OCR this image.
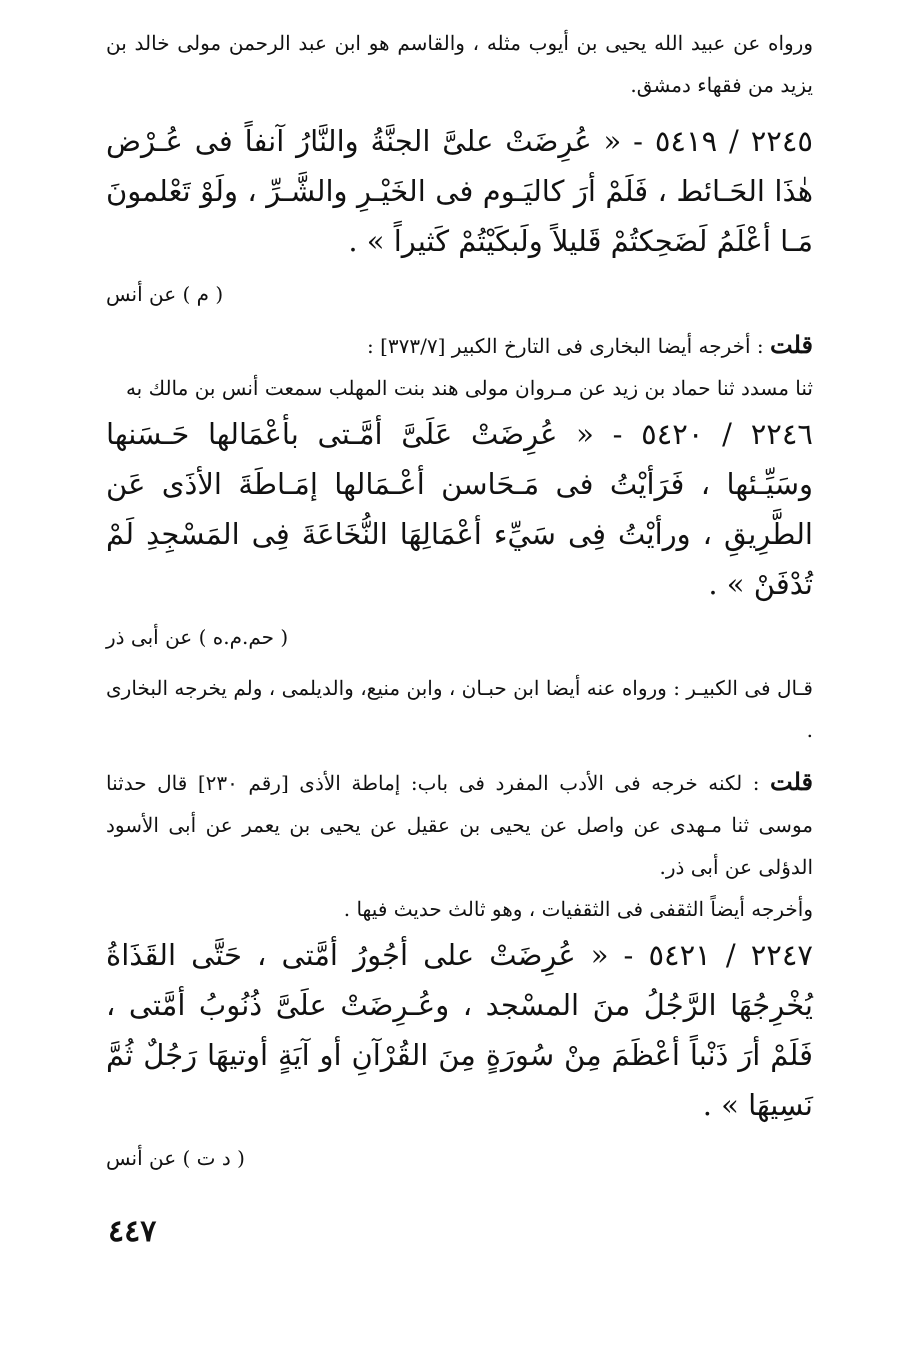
ورواه عن عبيد الله يحيى بن أيوب مثله ، والقاسم هو ابن عبد الرحمن مولى خالد بن يزيد من فقهاء دمشق.

٢٢٤٥ / ٥٤١٩ - « عُرِضَتْ علىَّ الجنَّةُ والنَّارُ آنفاً فى عُـرْض هٰذَا الحَـائط ، فَلَمْ أرَ كاليَـوم فى الخَيْـرِ والشَّـرِّ ، ولَوْ تَعْلمونَ مَـا أعْلَمُ لَضَحِكتُمْ قَليلاً ولَبكَيْتُمْ كَثيراً » .

( م ) عن أنس

قلت : أخرجه أيضا البخارى فى التارخ الكبير [٣٧٣/٧] :

ثنا مسدد ثنا حماد بن زيد عن مـروان مولى هند بنت المهلب سمعت أنس بن مالك به

٢٢٤٦ / ٥٤٢٠ - « عُرِضَتْ عَلَىَّ أمَّـتى بأعْمَالها حَـسَنها وسَيِّـئها ، فَرَأيْتُ فى مَـحَاسن أعْـمَالها إمَـاطَةَ الأذَى عَن الطَّرِيقِ ، ورأيْتُ فِى سَيِّء أعْمَالِهَا النُّخَاعَةَ فِى المَسْجِدِ لَمْ تُدْفَنْ » .

( حم.م.ه ) عن أبى ذر

قـال فى الكبيـر : ورواه عنه أيضا ابن حبـان ، وابن منيع، والديلمى ، ولم يخرجه البخارى .

قلت : لكنه خرجه فى الأدب المفرد فى باب: إماطة الأذى [رقم ٢٣٠] قال حدثنا موسى ثنا مـهدى عن واصل عن يحيى بن عقيل عن يحيى بن يعمر عن أبى الأسود الدؤلى عن أبى ذر.

وأخرجه أيضاً الثقفى فى الثقفيات ، وهو ثالث حديث فيها .

٢٢٤٧ / ٥٤٢١ - « عُرِضَتْ على أجُورُ أمَّتى ، حَتَّى القَذَاةُ يُخْرِجُهَا الرَّجُلُ منَ المسْجد ، وعُـرِضَتْ علَىَّ ذُنُوبُ أمَّتى ، فَلَمْ أرَ ذَنْباً أعْظَمَ مِنْ سُورَةٍ مِنَ القُرْآنِ أو آيَةٍ أوتيهَا رَجُلٌ ثُمَّ نَسِيهَا » .

( د ت ) عن أنس

٤٤٧
